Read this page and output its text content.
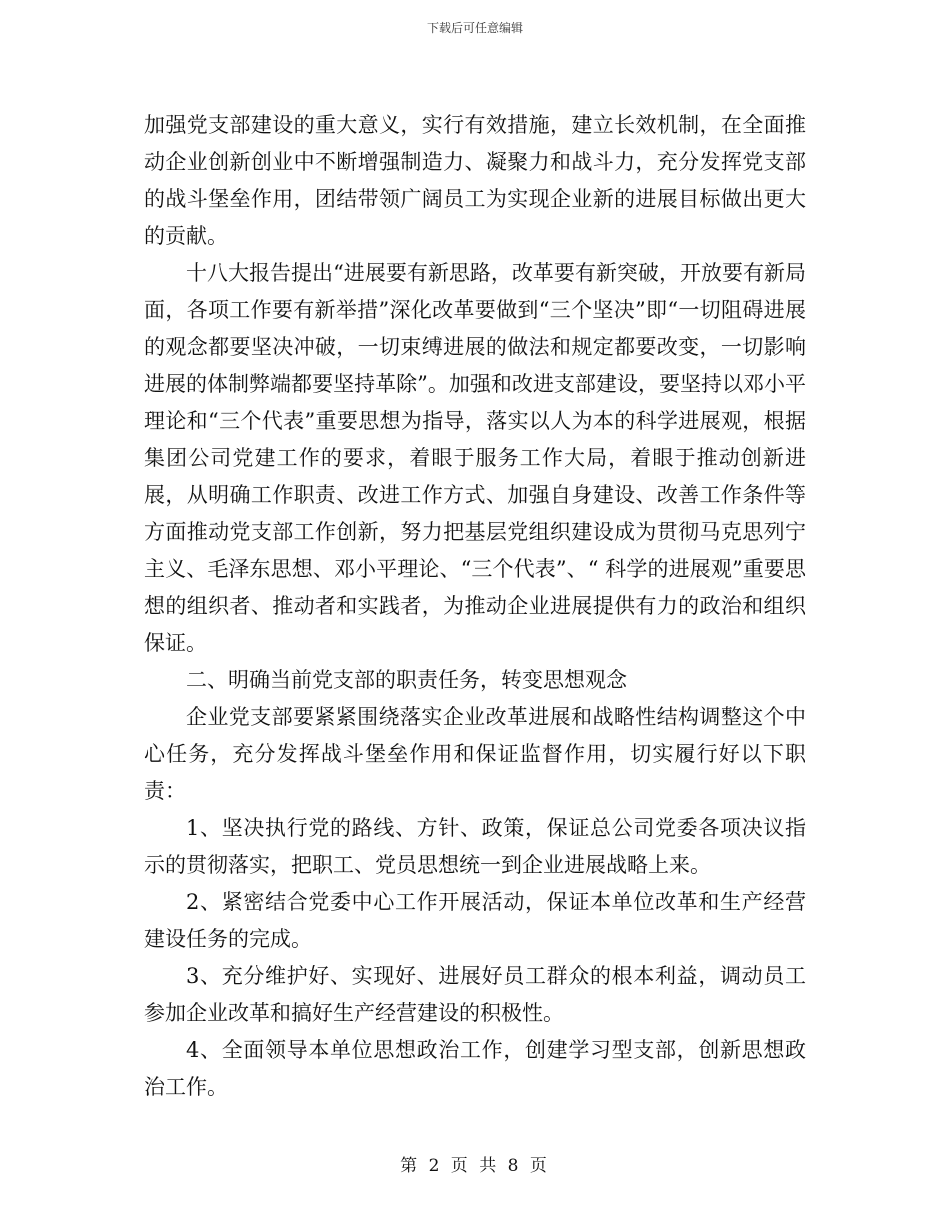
下载后可任意编辑

加强党支部建设的重大意义，实行有效措施，建立长效机制，在全面推动企业创新创业中不断增强制造力、凝聚力和战斗力，充分发挥党支部的战斗堡垒作用，团结带领广阔员工为实现企业新的进展目标做出更大的贡献。

十八大报告提出“进展要有新思路，改革要有新突破，开放要有新局面，各项工作要有新举措”深化改革要做到“三个坚决”即“一切阻碍进展的观念都要坚决冲破，一切束缚进展的做法和规定都要改变，一切影响进展的体制弊端都要坚持革除”。加强和改进支部建设，要坚持以邓小平理论和“三个代表”重要思想为指导，落实以人为本的科学进展观，根据集团公司党建工作的要求，着眼于服务工作大局，着眼于推动创新进展，从明确工作职责、改进工作方式、加强自身建设、改善工作条件等方面推动党支部工作创新，努力把基层党组织建设成为贯彻马克思列宁主义、毛泽东思想、邓小平理论、“三个代表”、“ 科学的进展观”重要思想的组织者、推动者和实践者，为推动企业进展提供有力的政治和组织保证。

二、明确当前党支部的职责任务，转变思想观念

企业党支部要紧紧围绕落实企业改革进展和战略性结构调整这个中心任务，充分发挥战斗堡垒作用和保证监督作用，切实履行好以下职责：

1、坚决执行党的路线、方针、政策，保证总公司党委各项决议指示的贯彻落实，把职工、党员思想统一到企业进展战略上来。

2、紧密结合党委中心工作开展活动，保证本单位改革和生产经营建设任务的完成。

3、充分维护好、实现好、进展好员工群众的根本利益，调动员工参加企业改革和搞好生产经营建设的积极性。

4、全面领导本单位思想政治工作，创建学习型支部，创新思想政治工作。

第 2 页 共 8 页
